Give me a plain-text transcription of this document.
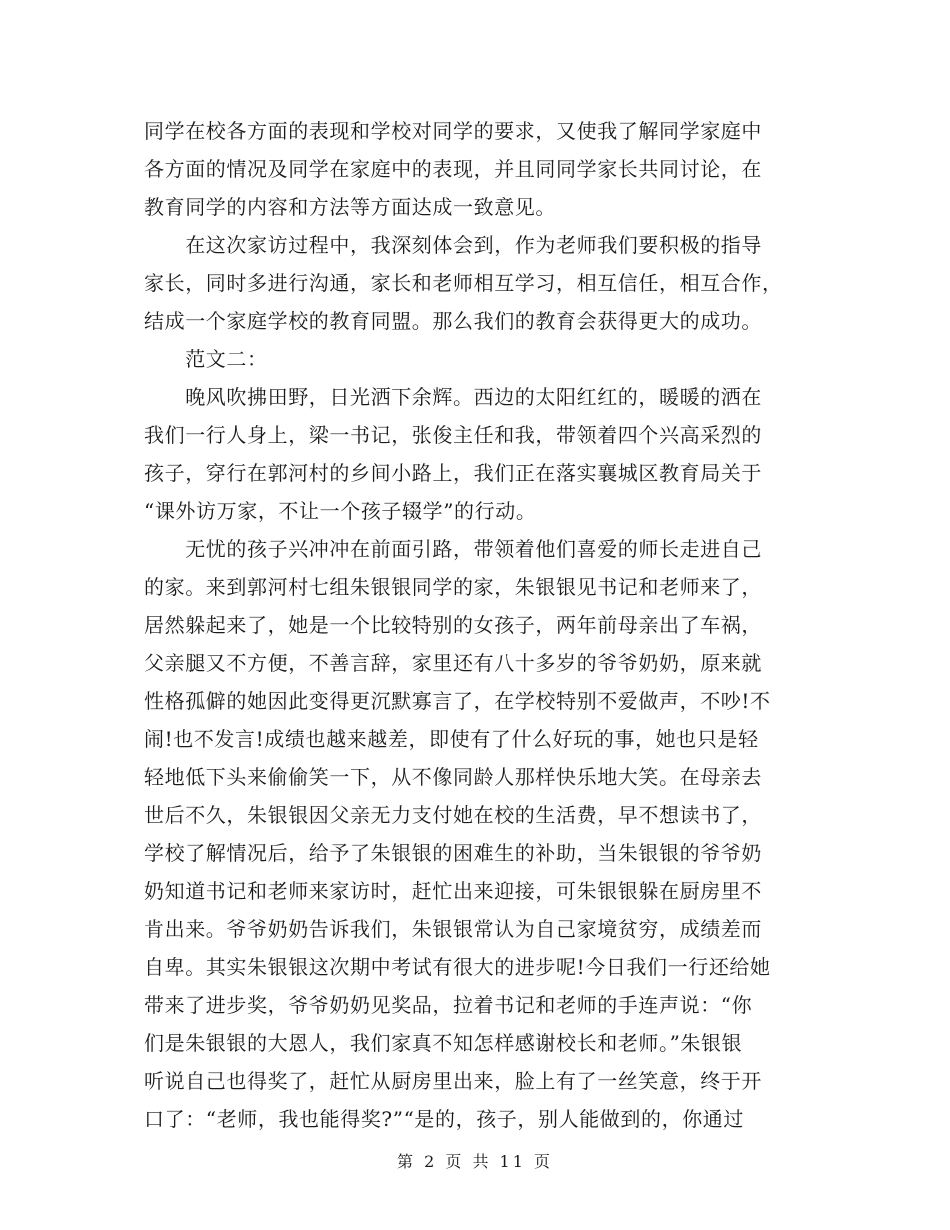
同学在校各方面的表现和学校对同学的要求，又使我了解同学家庭中
各方面的情况及同学在家庭中的表现，并且同同学家长共同讨论，在
教育同学的内容和方法等方面达成一致意见。
　　在这次家访过程中，我深刻体会到，作为老师我们要积极的指导
家长，同时多进行沟通，家长和老师相互学习，相互信任，相互合作，
结成一个家庭学校的教育同盟。那么我们的教育会获得更大的成功。
　　范文二：
　　晚风吹拂田野，日光洒下余辉。西边的太阳红红的，暖暖的洒在
我们一行人身上，梁一书记，张俊主任和我，带领着四个兴高采烈的
孩子，穿行在郭河村的乡间小路上，我们正在落实襄城区教育局关于
“课外访万家，不让一个孩子辍学”的行动。
　　无忧的孩子兴冲冲在前面引路，带领着他们喜爱的师长走进自己
的家。来到郭河村七组朱银银同学的家，朱银银见书记和老师来了，
居然躲起来了，她是一个比较特别的女孩子，两年前母亲出了车祸，
父亲腿又不方便，不善言辞，家里还有八十多岁的爷爷奶奶，原来就
性格孤僻的她因此变得更沉默寡言了，在学校特别不爱做声，不吵!不
闹!也不发言!成绩也越来越差，即使有了什么好玩的事，她也只是轻
轻地低下头来偷偷笑一下，从不像同龄人那样快乐地大笑。在母亲去
世后不久，朱银银因父亲无力支付她在校的生活费，早不想读书了，
学校了解情况后，给予了朱银银的困难生的补助，当朱银银的爷爷奶
奶知道书记和老师来家访时，赶忙出来迎接，可朱银银躲在厨房里不
肯出来。爷爷奶奶告诉我们，朱银银常认为自己家境贫穷，成绩差而
自卑。其实朱银银这次期中考试有很大的进步呢!今日我们一行还给她
带来了进步奖，爷爷奶奶见奖品，拉着书记和老师的手连声说：“你
们是朱银银的大恩人，我们家真不知怎样感谢校长和老师。”朱银银
听说自己也得奖了，赶忙从厨房里出来，脸上有了一丝笑意，终于开
口了：“老师，我也能得奖?”“是的，孩子，别人能做到的，你通过
第 2 页 共 11 页
